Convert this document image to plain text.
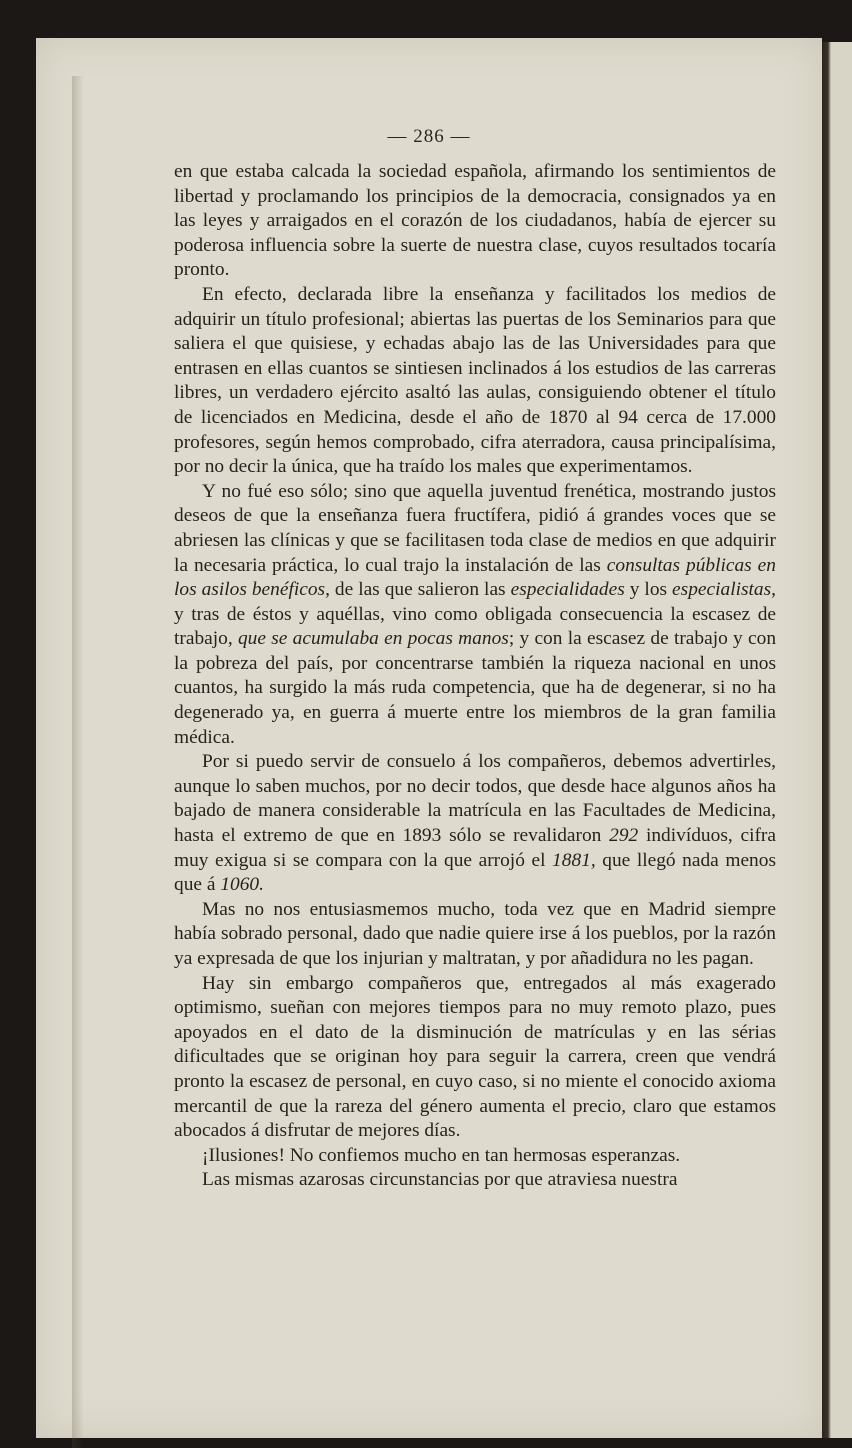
— 286 —

en que estaba calcada la sociedad española, afirmando los sentimientos de libertad y proclamando los principios de la democracia, consignados ya en las leyes y arraigados en el corazón de los ciudadanos, había de ejercer su poderosa influencia sobre la suerte de nuestra clase, cuyos resultados tocaría pronto.

En efecto, declarada libre la enseñanza y facilitados los medios de adquirir un título profesional; abiertas las puertas de los Seminarios para que saliera el que quisiese, y echadas abajo las de las Universidades para que entrasen en ellas cuantos se sintiesen inclinados á los estudios de las carreras libres, un verdadero ejército asaltó las aulas, consiguiendo obtener el título de licenciados en Medicina, desde el año de 1870 al 94 cerca de 17.000 profesores, según hemos comprobado, cifra aterradora, causa principalísima, por no decir la única, que ha traído los males que experimentamos.

Y no fué eso sólo; sino que aquella juventud frenética, mostrando justos deseos de que la enseñanza fuera fructífera, pidió á grandes voces que se abriesen las clínicas y que se facilitasen toda clase de medios en que adquirir la necesaria práctica, lo cual trajo la instalación de las consultas públicas en los asilos benéficos, de las que salieron las especialidades y los especialistas, y tras de éstos y aquéllas, vino como obligada consecuencia la escasez de trabajo, que se acumulaba en pocas manos; y con la escasez de trabajo y con la pobreza del país, por concentrarse también la riqueza nacional en unos cuantos, ha surgido la más ruda competencia, que ha de degenerar, si no ha degenerado ya, en guerra á muerte entre los miembros de la gran familia médica.

Por si puedo servir de consuelo á los compañeros, debemos advertirles, aunque lo saben muchos, por no decir todos, que desde hace algunos años ha bajado de manera considerable la matrícula en las Facultades de Medicina, hasta el extremo de que en 1893 sólo se revalidaron 292 indivíduos, cifra muy exigua si se compara con la que arrojó el 1881, que llegó nada menos que á 1060.

Mas no nos entusiasmemos mucho, toda vez que en Madrid siempre había sobrado personal, dado que nadie quiere irse á los pueblos, por la razón ya expresada de que los injurian y maltratan, y por añadidura no les pagan.

Hay sin embargo compañeros que, entregados al más exagerado optimismo, sueñan con mejores tiempos para no muy remoto plazo, pues apoyados en el dato de la disminución de matrículas y en las sérias dificultades que se originan hoy para seguir la carrera, creen que vendrá pronto la escasez de personal, en cuyo caso, si no miente el conocido axioma mercantil de que la rareza del género aumenta el precio, claro que estamos abocados á disfrutar de mejores días.

¡Ilusiones! No confiemos mucho en tan hermosas esperanzas.

Las mismas azarosas circunstancias por que atraviesa nuestra
